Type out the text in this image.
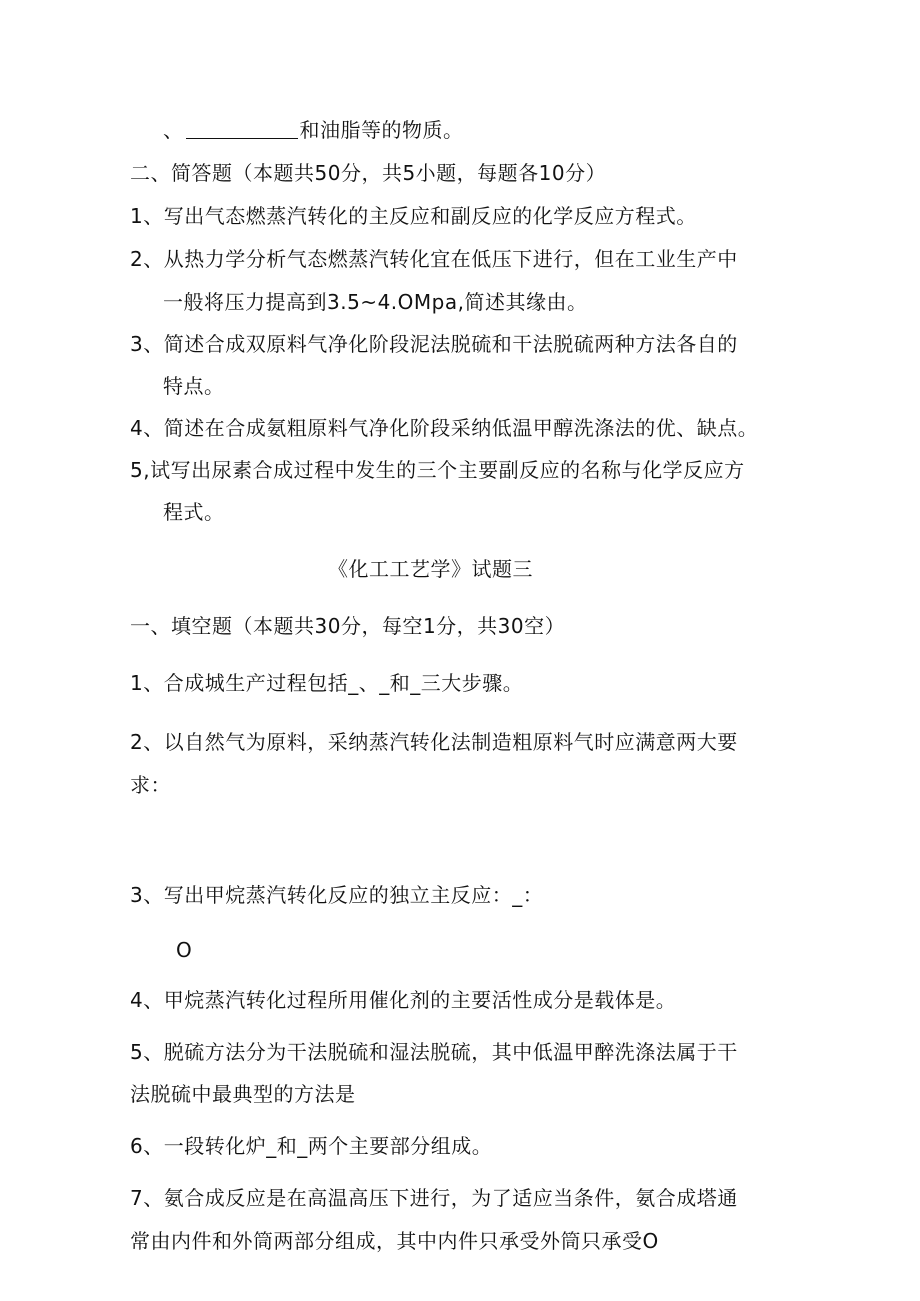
、	和油脂等的物质。
二、简答题（本题共50分，共5小题，每题各10分）
1、写出气态燃蒸汽转化的主反应和副反应的化学反应方程式。
2、从热力学分析气态燃蒸汽转化宜在低压下进行，但在工业生产中
一般将压力提高到3.5~4.OMpa,简述其缘由。
3、简述合成双原料气净化阶段泥法脱硫和干法脱硫两种方法各自的
特点。
4、简述在合成氨粗原料气净化阶段采纳低温甲醇洗涤法的优、缺点。
5,试写出尿素合成过程中发生的三个主要副反应的名称与化学反应方
程式。
《化工工艺学》试题三
一、填空题（本题共30分，每空1分，共30空）
1、合成城生产过程包括_、_和_三大步骤。
2、以自然气为原料，采纳蒸汽转化法制造粗原料气时应满意两大要
求：
3、写出甲烷蒸汽转化反应的独立主反应：_：
O
4、甲烷蒸汽转化过程所用催化剂的主要活性成分是载体是。
5、脱硫方法分为干法脱硫和湿法脱硫，其中低温甲醉洗涤法属于干
法脱硫中最典型的方法是
6、一段转化炉_和_两个主要部分组成。
7、氨合成反应是在高温高压下进行，为了适应当条件，氨合成塔通
常由内件和外筒两部分组成，其中内件只承受外筒只承受O
